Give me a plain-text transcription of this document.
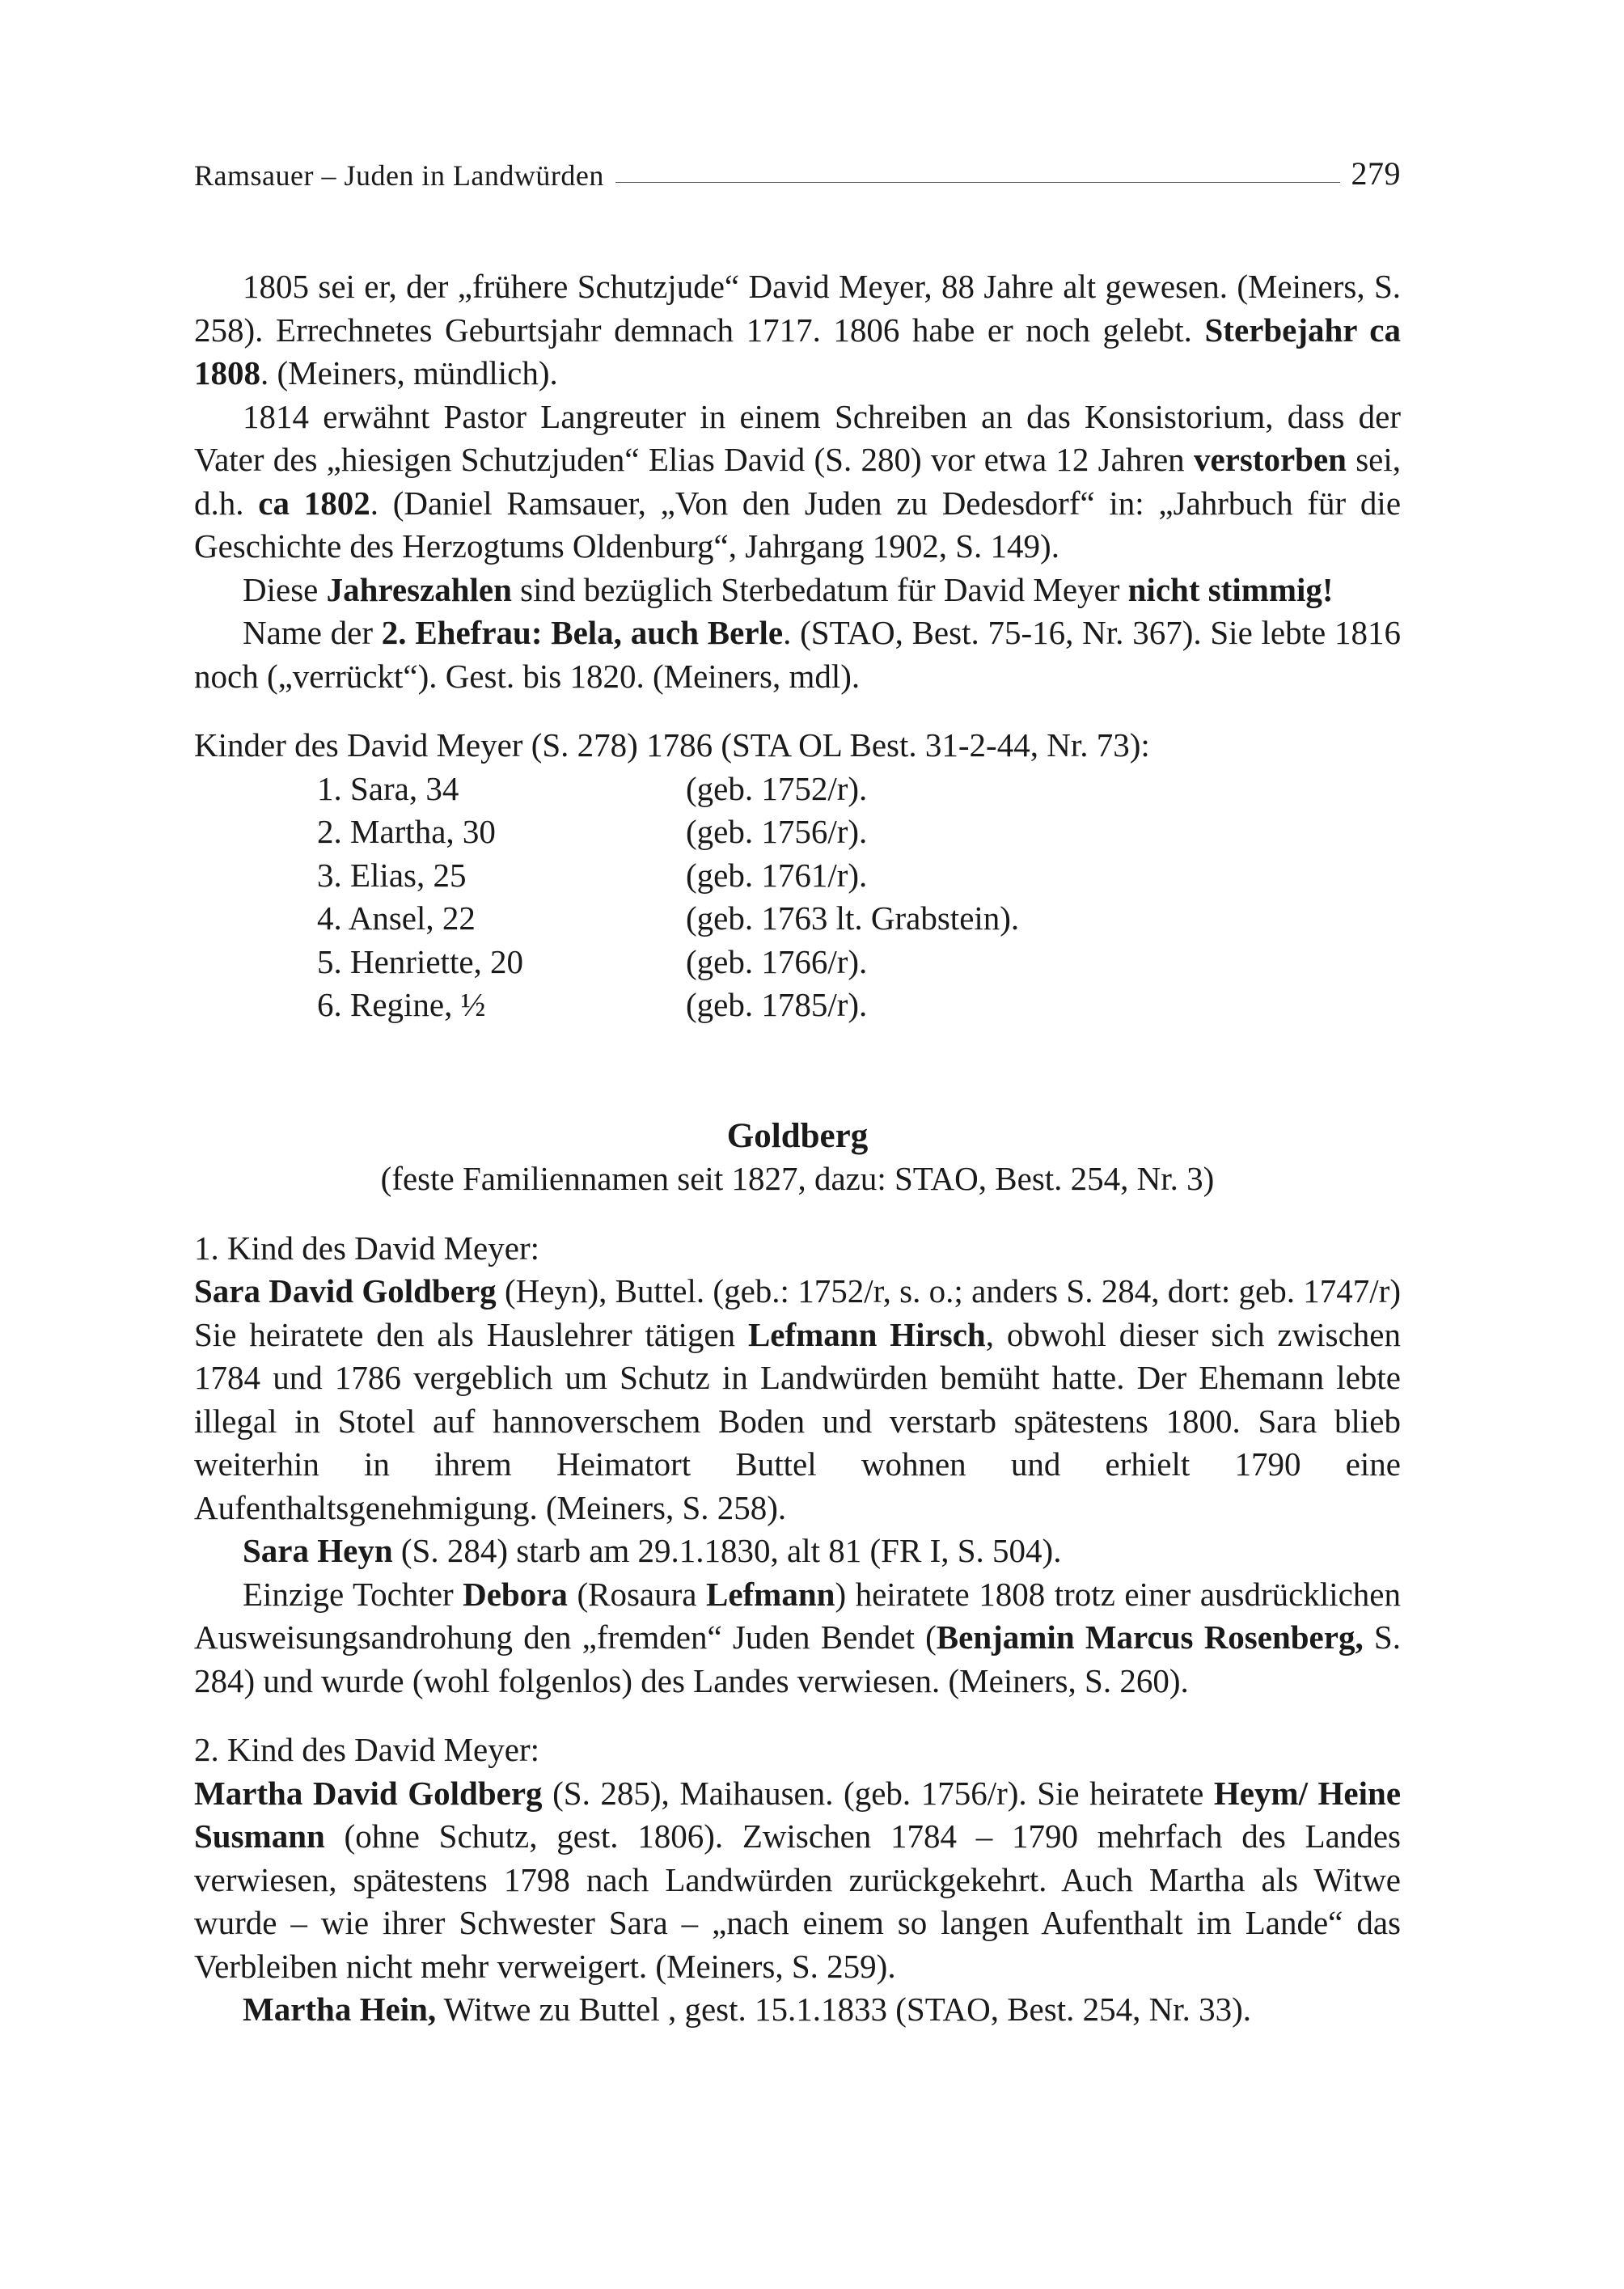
Ramsauer – Juden in Landwürden	279

1805 sei er, der „frühere Schutzjude“ David Meyer, 88 Jahre alt gewesen. (Meiners, S. 258). Errechnetes Geburtsjahr demnach 1717. 1806 habe er noch gelebt. Sterbejahr ca 1808. (Meiners, mündlich).

1814 erwähnt Pastor Langreuter in einem Schreiben an das Konsistorium, dass der Vater des „hiesigen Schutzjuden“ Elias David (S. 280) vor etwa 12 Jahren verstorben sei, d.h. ca 1802. (Daniel Ramsauer, „Von den Juden zu Dedesdorf“ in: „Jahrbuch für die Geschichte des Herzogtums Oldenburg“, Jahrgang 1902, S. 149).

Diese Jahreszahlen sind bezüglich Sterbedatum für David Meyer nicht stimmig!

Name der 2. Ehefrau: Bela, auch Berle. (STAO, Best. 75-16, Nr. 367). Sie lebte 1816 noch („verrückt“). Gest. bis 1820. (Meiners, mdl).

Kinder des David Meyer (S. 278) 1786 (STA OL Best. 31-2-44, Nr. 73):

1. Sara, 34	(geb. 1752/r).
2. Martha, 30	(geb. 1756/r).
3. Elias, 25	(geb. 1761/r).
4. Ansel, 22	(geb. 1763 lt. Grabstein).
5. Henriette, 20	(geb. 1766/r).
6. Regine, ½	(geb. 1785/r).

Goldberg

(feste Familiennamen seit 1827, dazu: STAO, Best. 254, Nr. 3)

1. Kind des David Meyer:

Sara David Goldberg (Heyn), Buttel. (geb.: 1752/r, s. o.; anders S. 284, dort: geb. 1747/r) Sie heiratete den als Hauslehrer tätigen Lefmann Hirsch, obwohl dieser sich zwischen 1784 und 1786 vergeblich um Schutz in Landwürden bemüht hatte. Der Ehemann lebte illegal in Stotel auf hannoverschem Boden und verstarb spätestens 1800. Sara blieb weiterhin in ihrem Heimatort Buttel wohnen und erhielt 1790 eine Aufenthaltsgenehmigung. (Meiners, S. 258).

Sara Heyn (S. 284) starb am 29.1.1830, alt 81 (FR I, S. 504).

Einzige Tochter Debora (Rosaura Lefmann) heiratete 1808 trotz einer ausdrücklichen Ausweisungsandrohung den „fremden“ Juden Bendet (Benjamin Marcus Rosenberg, S. 284) und wurde (wohl folgenlos) des Landes verwiesen. (Meiners, S. 260).

2. Kind des David Meyer:

Martha David Goldberg (S. 285), Maihausen. (geb. 1756/r). Sie heiratete Heym/ Heine Susmann (ohne Schutz, gest. 1806). Zwischen 1784 – 1790 mehrfach des Landes verwiesen, spätestens 1798 nach Landwürden zurückgekehrt. Auch Martha als Witwe wurde – wie ihrer Schwester Sara – „nach einem so langen Aufenthalt im Lande“ das Verbleiben nicht mehr verweigert. (Meiners, S. 259).

Martha Hein, Witwe zu Buttel , gest. 15.1.1833 (STAO, Best. 254, Nr. 33).
